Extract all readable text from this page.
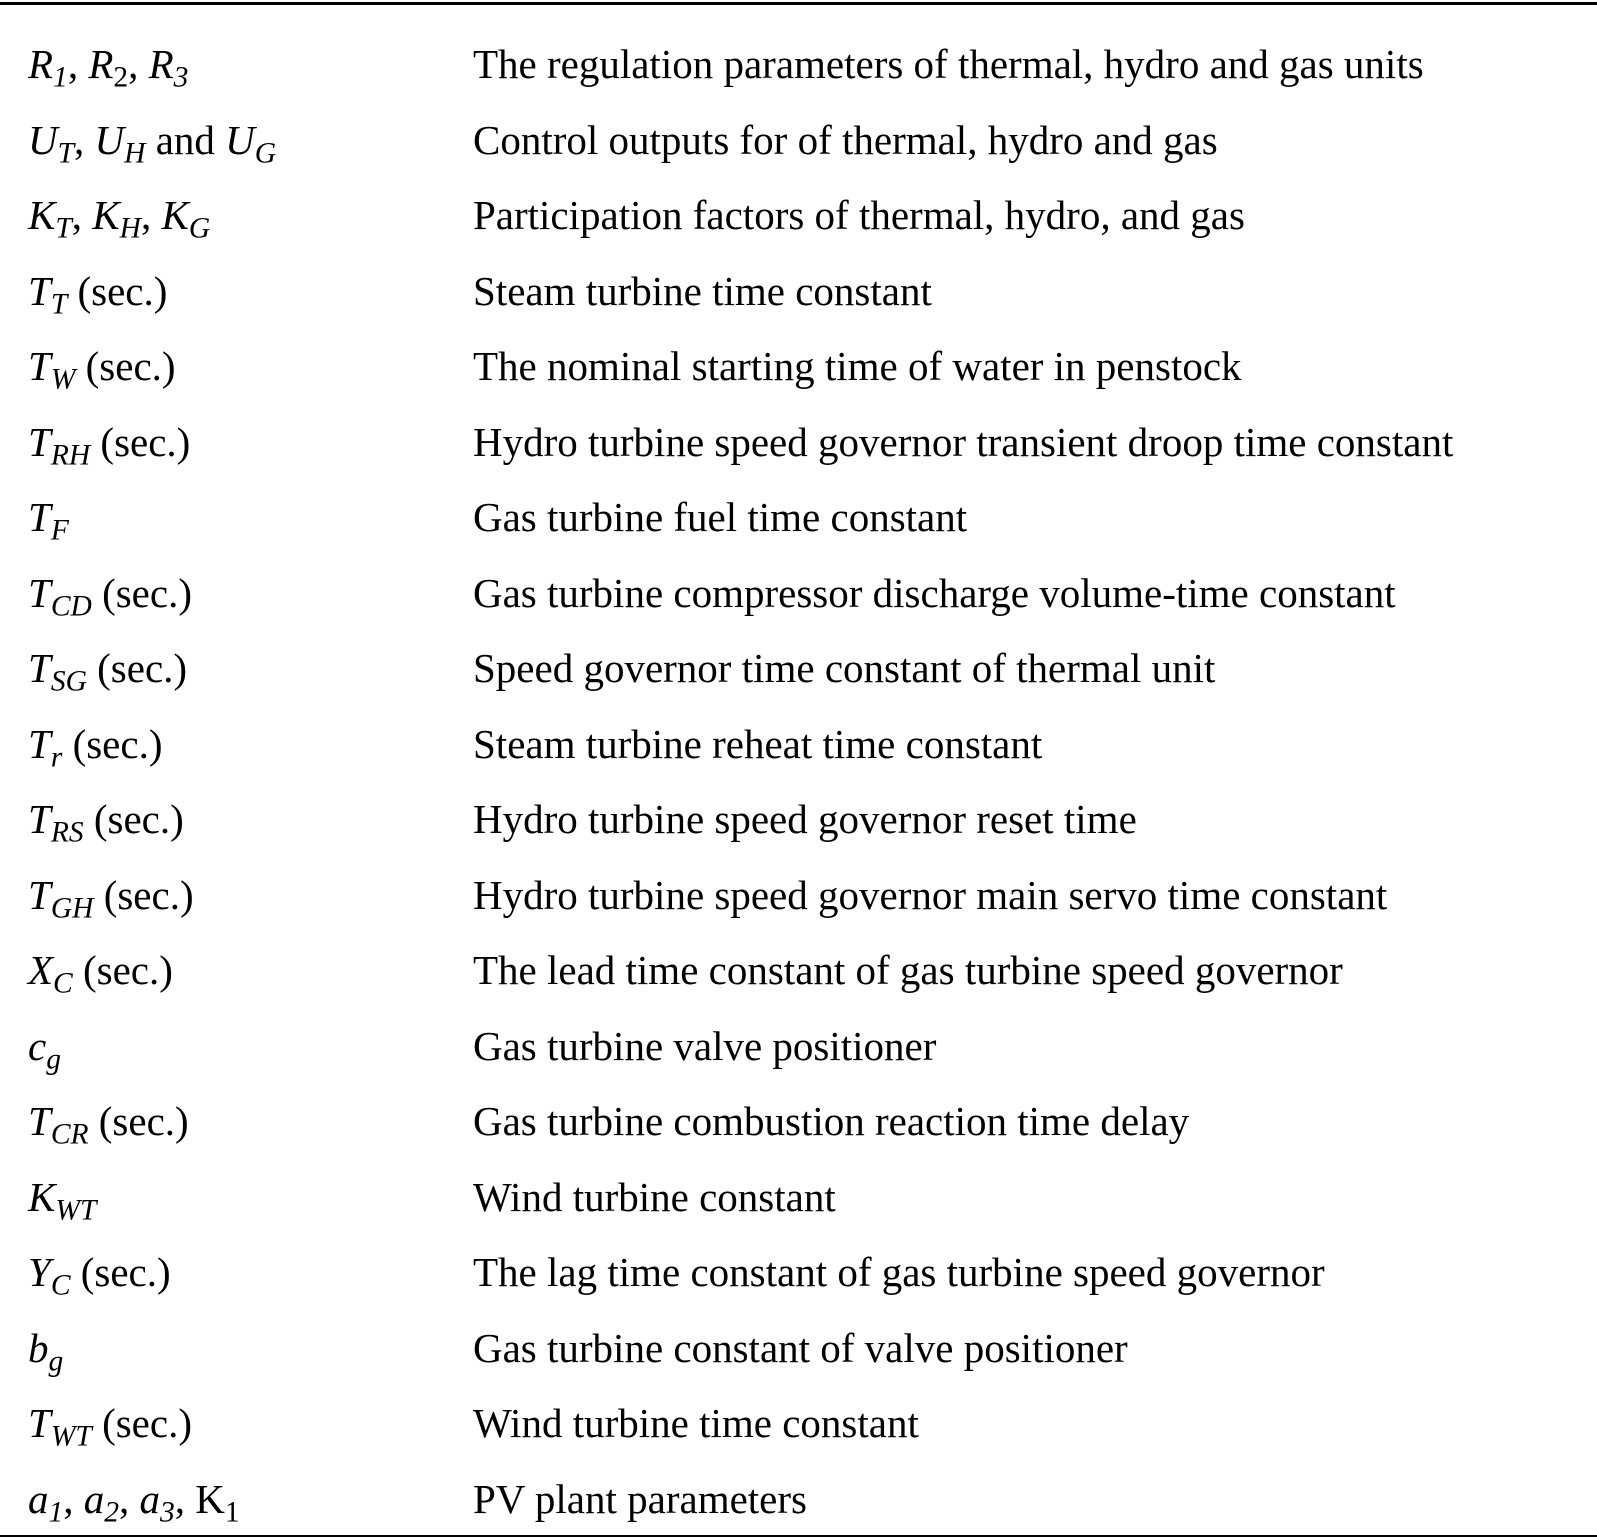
$R_1$, $R_2$, $R_3$	The regulation parameters of thermal, hydro and gas units
$U_T$, $U_H$ and $U_G$	Control outputs for of thermal, hydro and gas
$K_T$, $K_H$, $K_G$	Participation factors of thermal, hydro, and gas
$T_T$ (sec.)	Steam turbine time constant
$T_W$ (sec.)	The nominal starting time of water in penstock
$T_{RH}$ (sec.)	Hydro turbine speed governor transient droop time constant
$T_F$	Gas turbine fuel time constant
$T_{CD}$ (sec.)	Gas turbine compressor discharge volume-time constant
$T_{SG}$ (sec.)	Speed governor time constant of thermal unit
$T_r$ (sec.)	Steam turbine reheat time constant
$T_{RS}$ (sec.)	Hydro turbine speed governor reset time
$T_{GH}$ (sec.)	Hydro turbine speed governor main servo time constant
$X_C$ (sec.)	The lead time constant of gas turbine speed governor
$c_g$	Gas turbine valve positioner
$T_{CR}$ (sec.)	Gas turbine combustion reaction time delay
$K_{WT}$	Wind turbine constant
$Y_C$ (sec.)	The lag time constant of gas turbine speed governor
$b_g$	Gas turbine constant of valve positioner
$T_{WT}$ (sec.)	Wind turbine time constant
$a_1$, $a_2$, $a_3$, $K_1$	PV plant parameters
